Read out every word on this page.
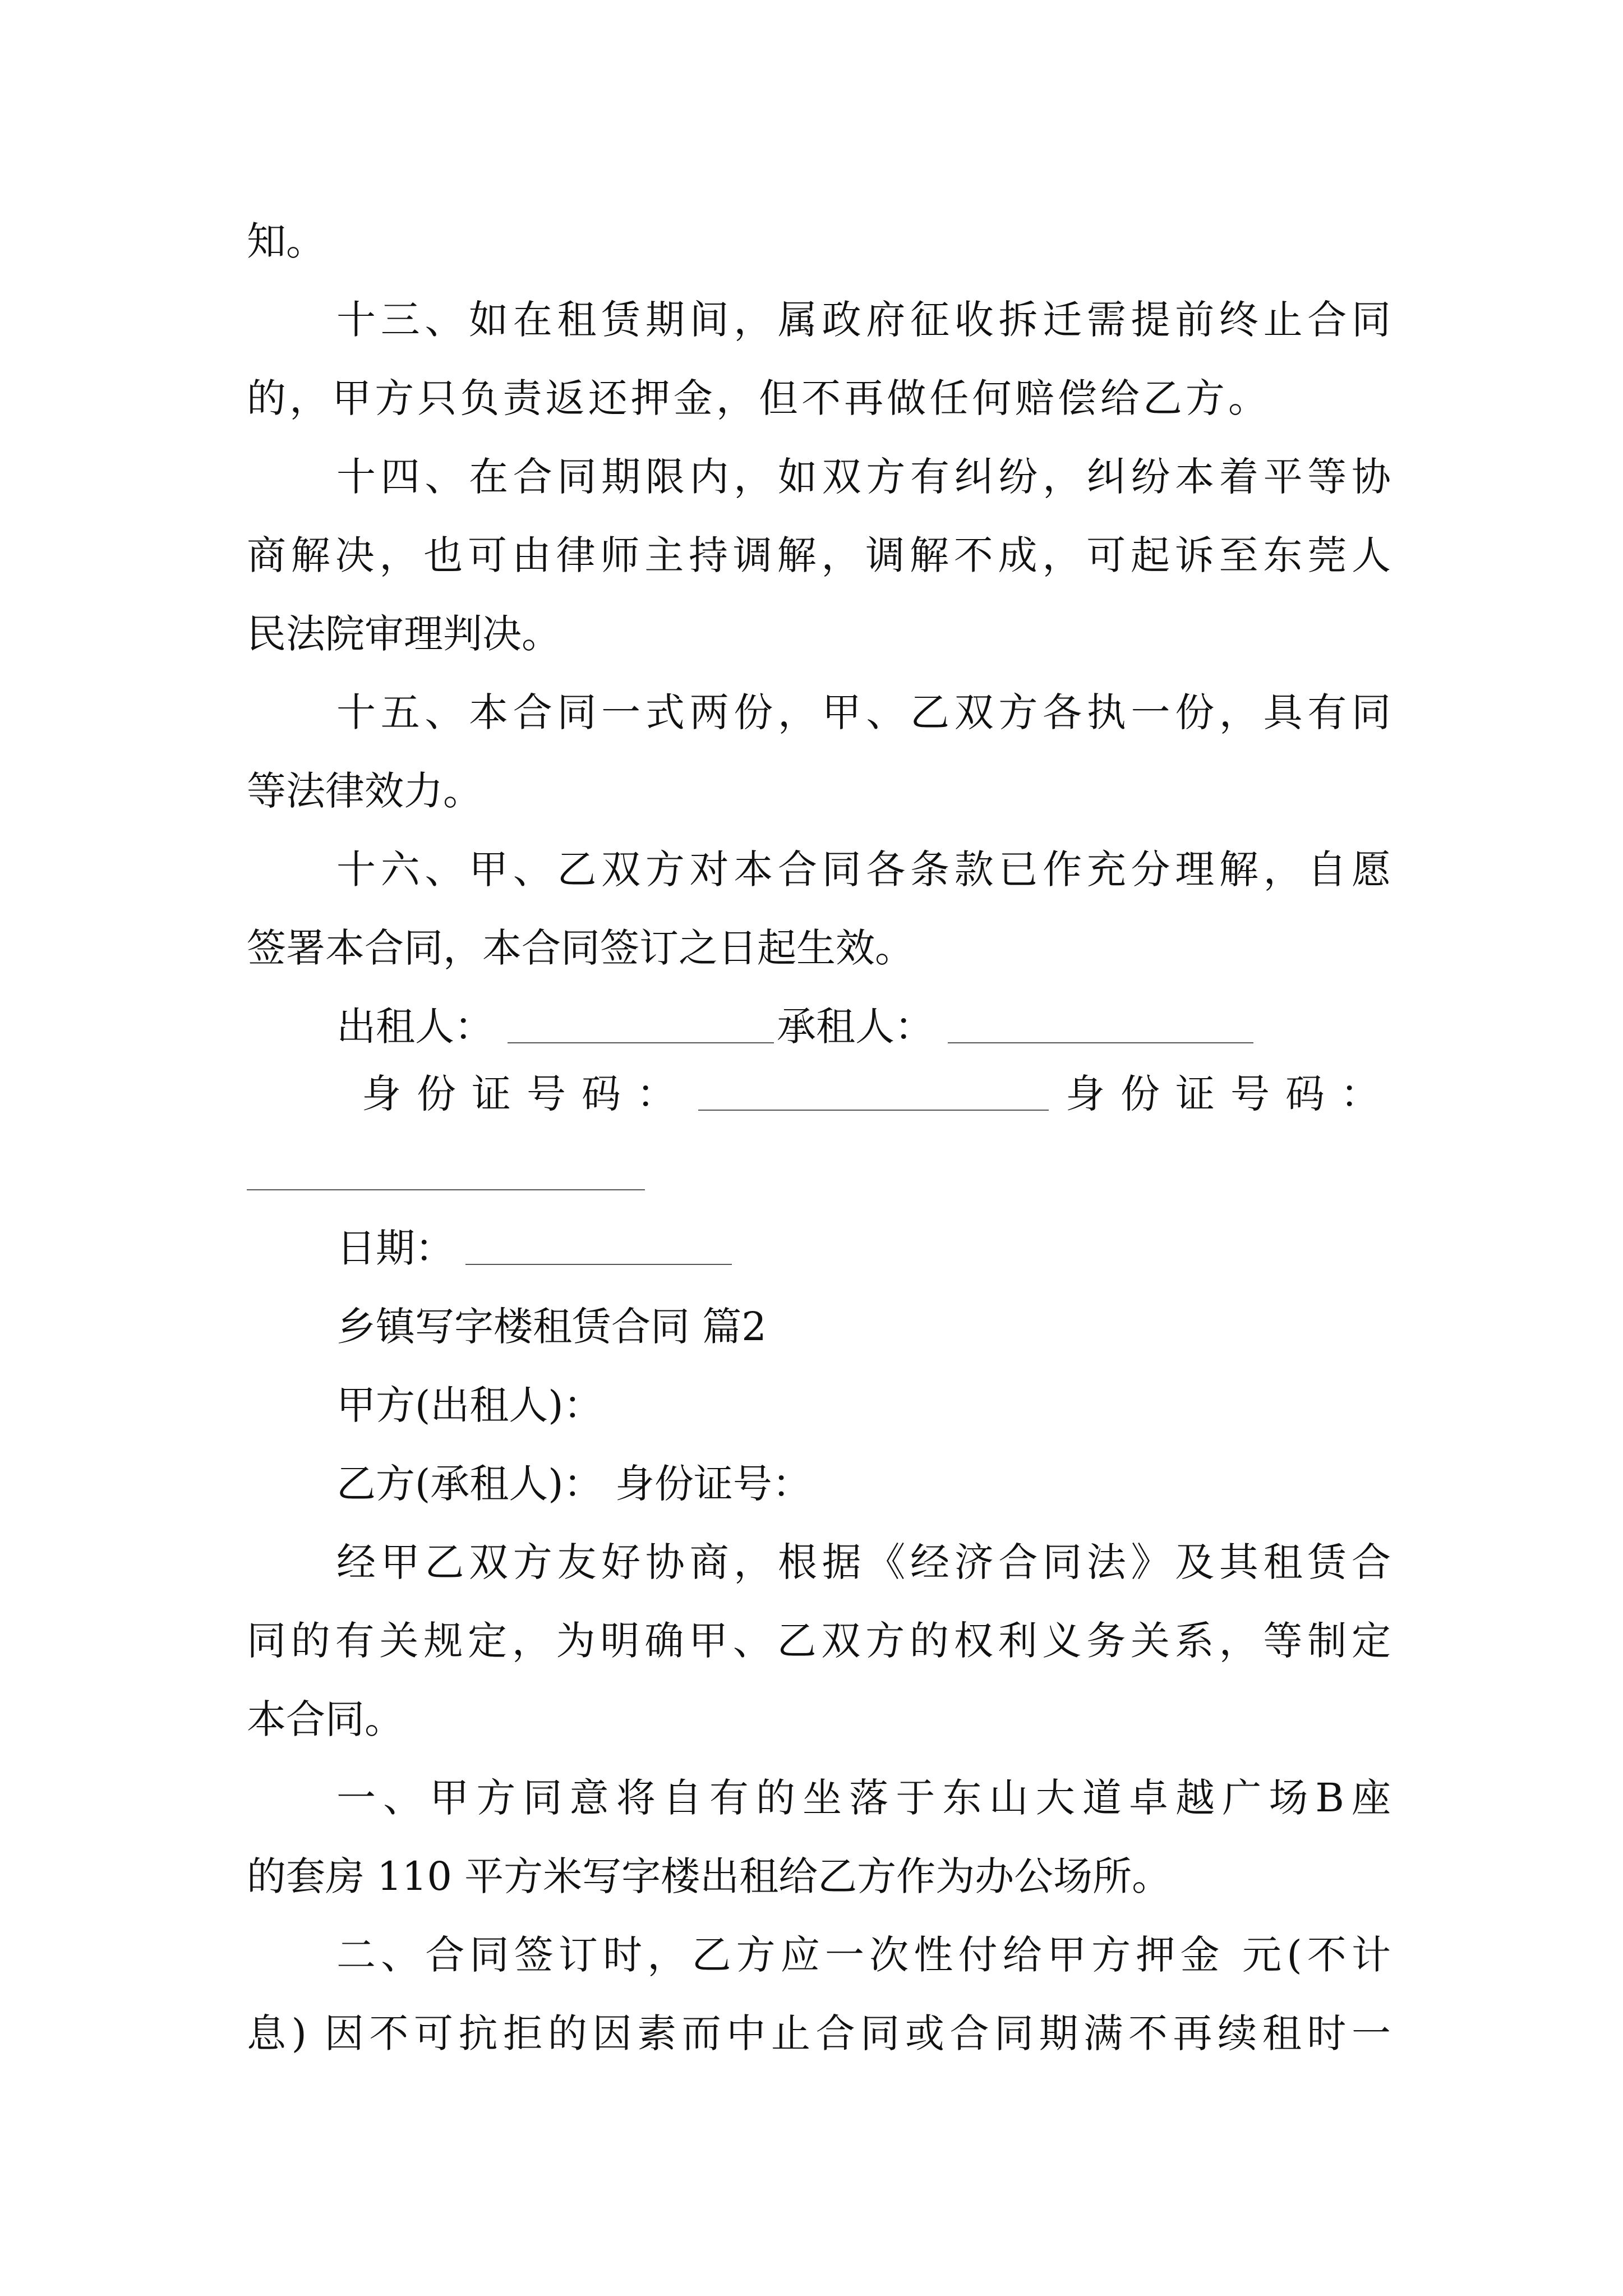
知。
十三、如在租赁期间，属政府征收拆迁需提前终止合同
的，甲方只负责返还押金，但不再做任何赔偿给乙方。
十四、在合同期限内，如双方有纠纷，纠纷本着平等协
商解决，也可由律师主持调解，调解不成，可起诉至东莞人
民法院审理判决。
十五、本合同一式两份，甲、乙双方各执一份，具有同
等法律效力。
十六、甲、乙双方对本合同各条款已作充分理解，自愿
签署本合同，本合同签订之日起生效。
出租人：	承租人：
身份证号码：	身份证号码：
日期：
乡镇写字楼租赁合同 篇2
甲方(出租人)：
乙方(承租人)： 身份证号：
经甲乙双方友好协商，根据《经济合同法》及其租赁合
同的有关规定，为明确甲、乙双方的权利义务关系，等制定
本合同。
一、甲方同意将自有的坐落于东山大道卓越广场B座
的套房 110 平方米写字楼出租给乙方作为办公场所。
二、合同签订时，乙方应一次性付给甲方押金 元(不计
息) 因不可抗拒的因素而中止合同或合同期满不再续租时一
